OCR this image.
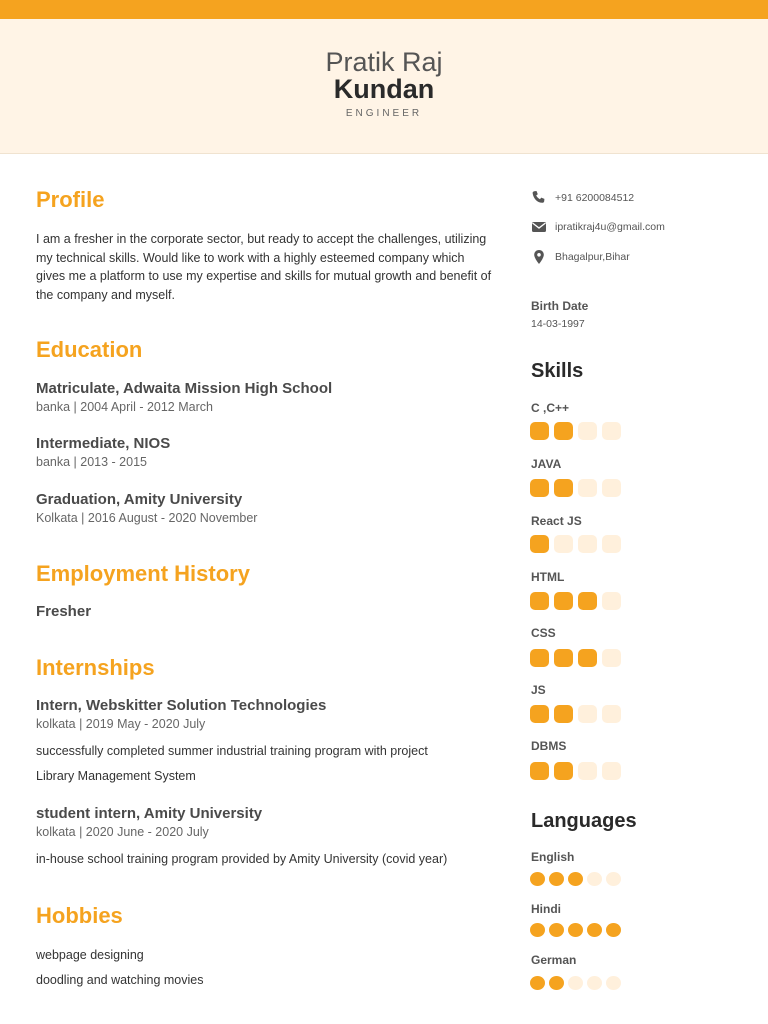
Pratik Raj
Kundan
ENGINEER
Profile
I am a fresher in the corporate sector, but ready to accept the challenges, utilizing my technical skills. Would like to work with a highly esteemed company which gives me a platform to use my expertise and skills for mutual growth and benefit of the company and myself.
Education
Matriculate, Adwaita Mission High School
banka | 2004 April - 2012 March
Intermediate, NIOS
banka | 2013 - 2015
Graduation, Amity University
Kolkata | 2016 August - 2020 November
Employment History
Fresher
Internships
Intern, Webskitter Solution Technologies
kolkata | 2019 May - 2020 July
successfully completed summer industrial training program with project
Library Management System
student intern, Amity University
kolkata | 2020 June - 2020 July
in-house school training program provided by Amity University (covid year)
Hobbies
webpage designing
doodling and watching movies
+91 6200084512
ipratikraj4u@gmail.com
Bhagalpur,Bihar
Birth Date
14-03-1997
Skills
C ,C++
JAVA
React JS
HTML
CSS
JS
DBMS
Languages
English
Hindi
German
